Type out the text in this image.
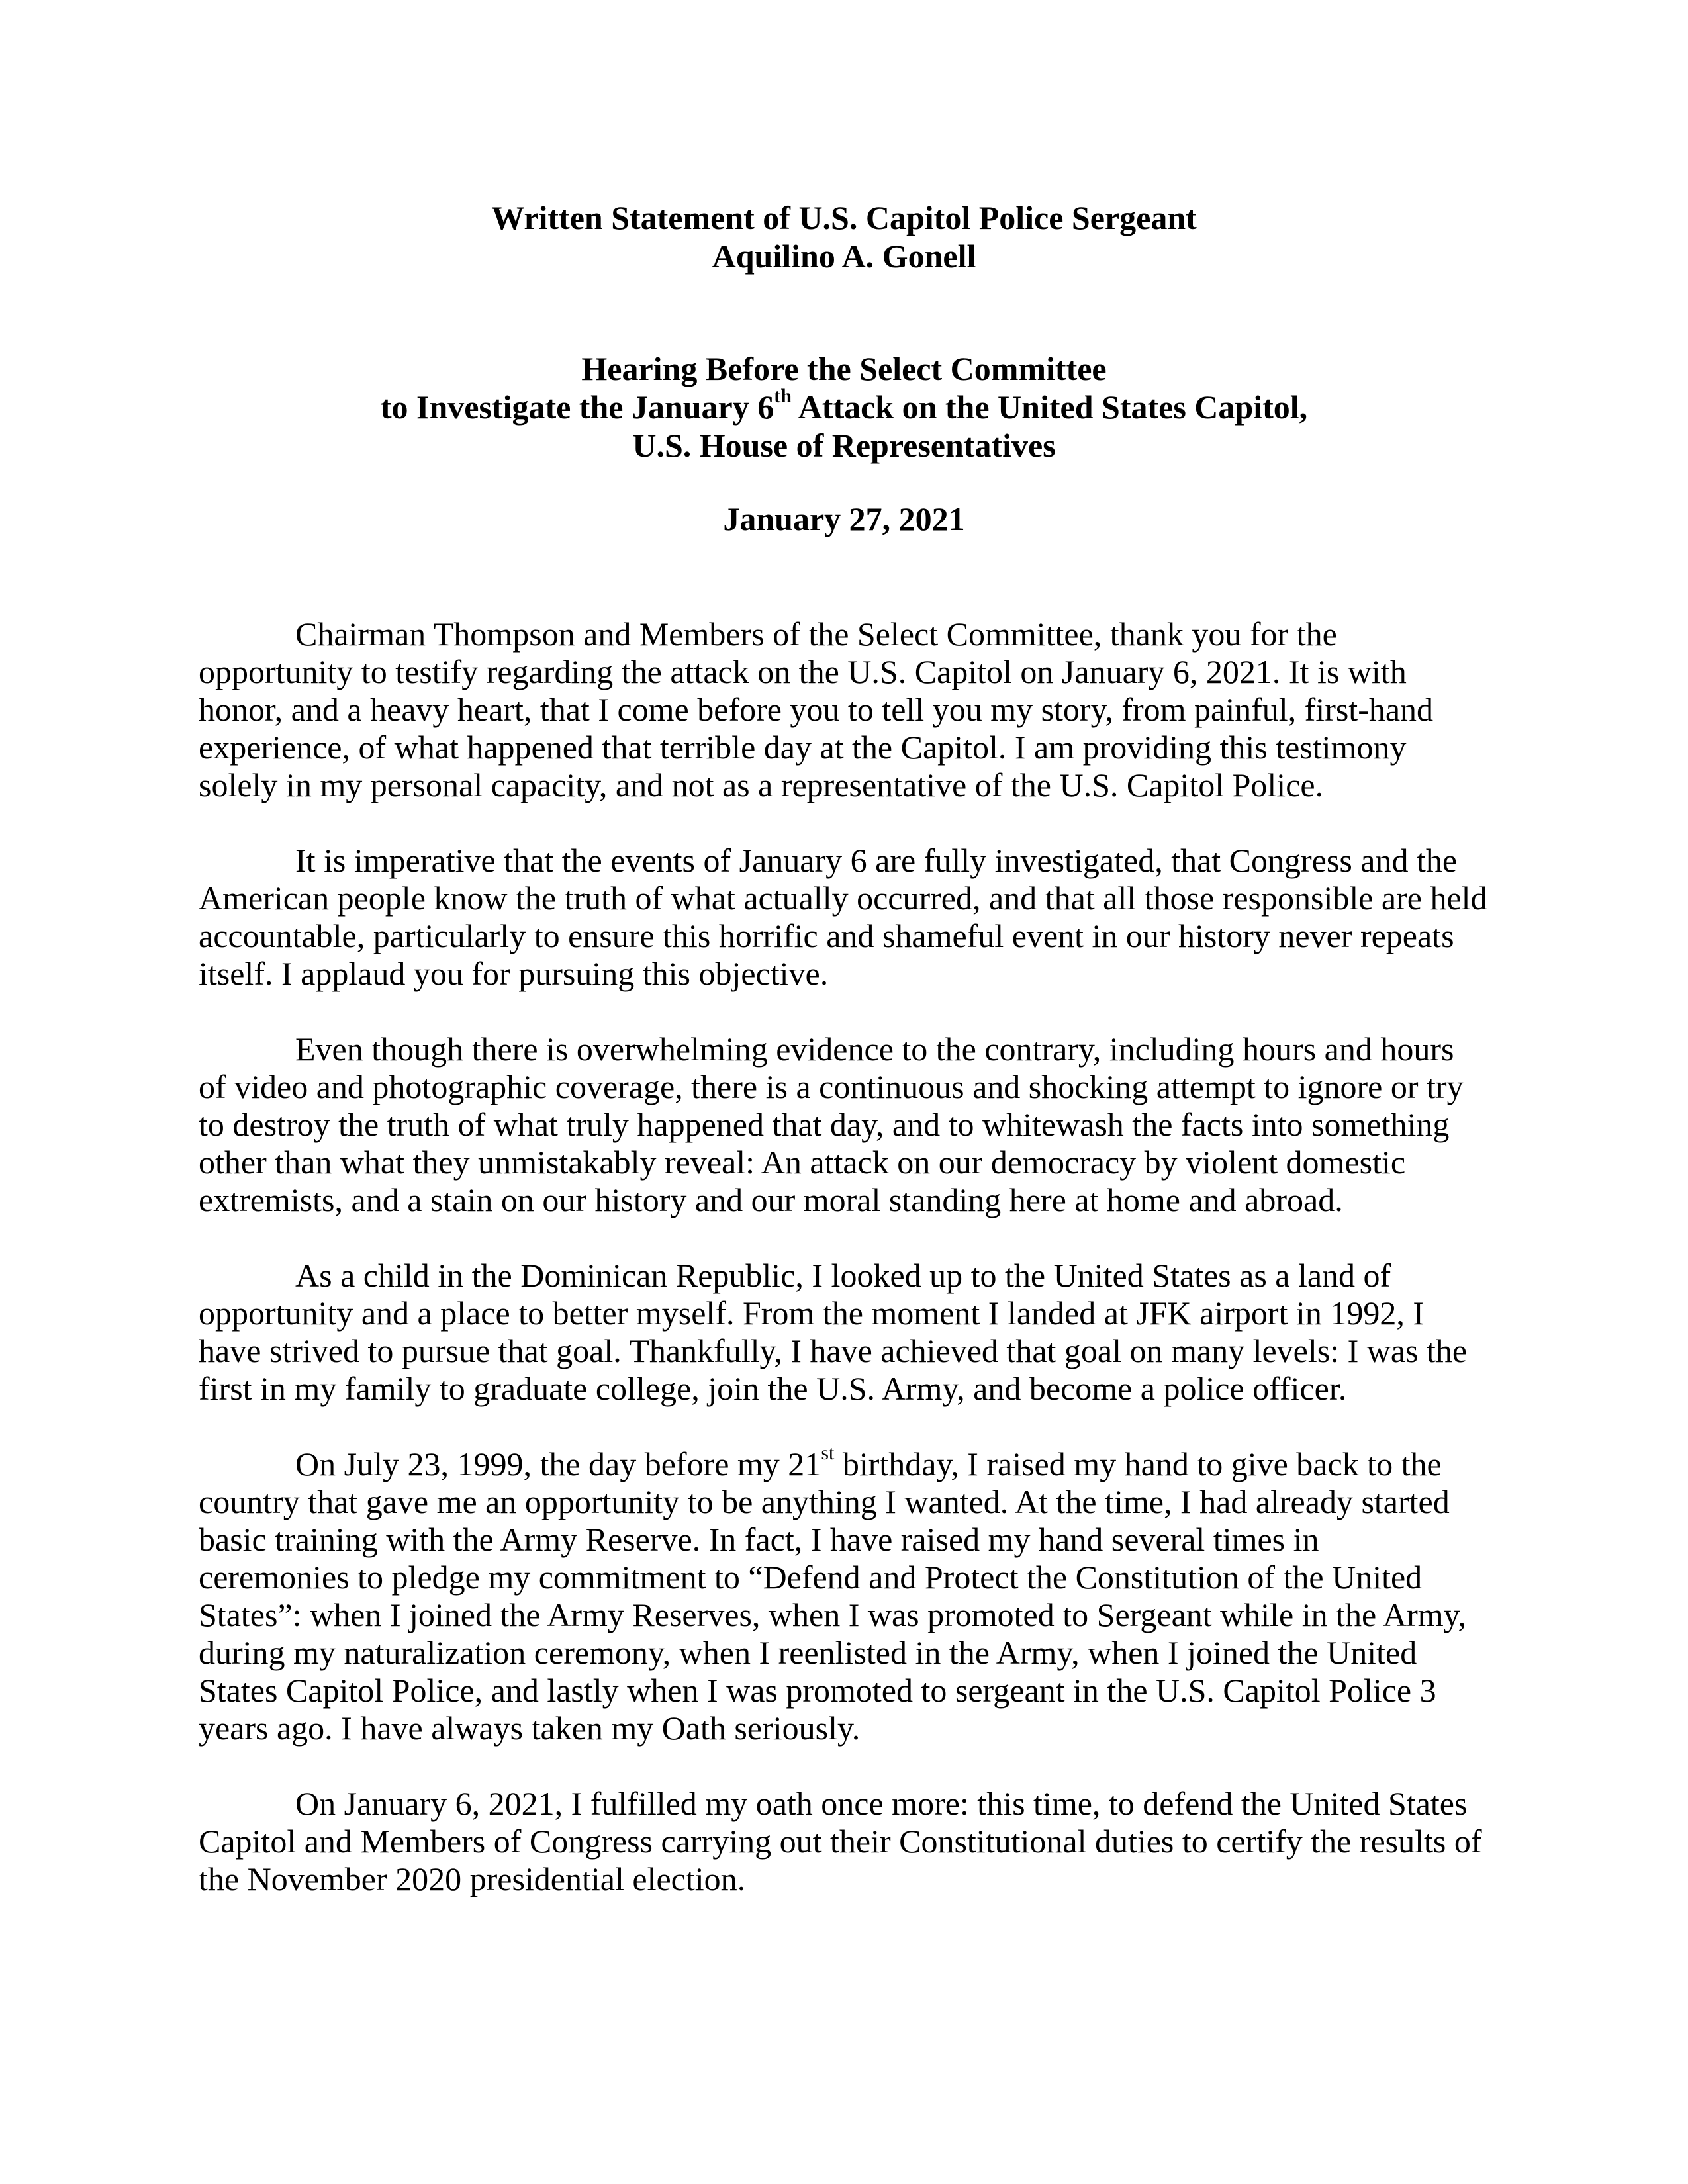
Written Statement of U.S. Capitol Police Sergeant
Aquilino A. Gonell
Hearing Before the Select Committee
to Investigate the January 6th Attack on the United States Capitol,
U.S. House of Representatives
January 27, 2021
Chairman Thompson and Members of the Select Committee, thank you for the
opportunity to testify regarding the attack on the U.S. Capitol on January 6, 2021. It is with
honor, and a heavy heart, that I come before you to tell you my story, from painful, first-hand
experience, of what happened that terrible day at the Capitol. I am providing this testimony
solely in my personal capacity, and not as a representative of the U.S. Capitol Police.
It is imperative that the events of January 6 are fully investigated, that Congress and the
American people know the truth of what actually occurred, and that all those responsible are held
accountable, particularly to ensure this horrific and shameful event in our history never repeats
itself. I applaud you for pursuing this objective.
Even though there is overwhelming evidence to the contrary, including hours and hours
of video and photographic coverage, there is a continuous and shocking attempt to ignore or try
to destroy the truth of what truly happened that day, and to whitewash the facts into something
other than what they unmistakably reveal: An attack on our democracy by violent domestic
extremists, and a stain on our history and our moral standing here at home and abroad.
As a child in the Dominican Republic, I looked up to the United States as a land of
opportunity and a place to better myself. From the moment I landed at JFK airport in 1992, I
have strived to pursue that goal. Thankfully, I have achieved that goal on many levels: I was the
first in my family to graduate college, join the U.S. Army, and become a police officer.
On July 23, 1999, the day before my 21st birthday, I raised my hand to give back to the
country that gave me an opportunity to be anything I wanted. At the time, I had already started
basic training with the Army Reserve. In fact, I have raised my hand several times in
ceremonies to pledge my commitment to “Defend and Protect the Constitution of the United
States”: when I joined the Army Reserves, when I was promoted to Sergeant while in the Army,
during my naturalization ceremony, when I reenlisted in the Army, when I joined the United
States Capitol Police, and lastly when I was promoted to sergeant in the U.S. Capitol Police 3
years ago. I have always taken my Oath seriously.
On January 6, 2021, I fulfilled my oath once more: this time, to defend the United States
Capitol and Members of Congress carrying out their Constitutional duties to certify the results of
the November 2020 presidential election.
